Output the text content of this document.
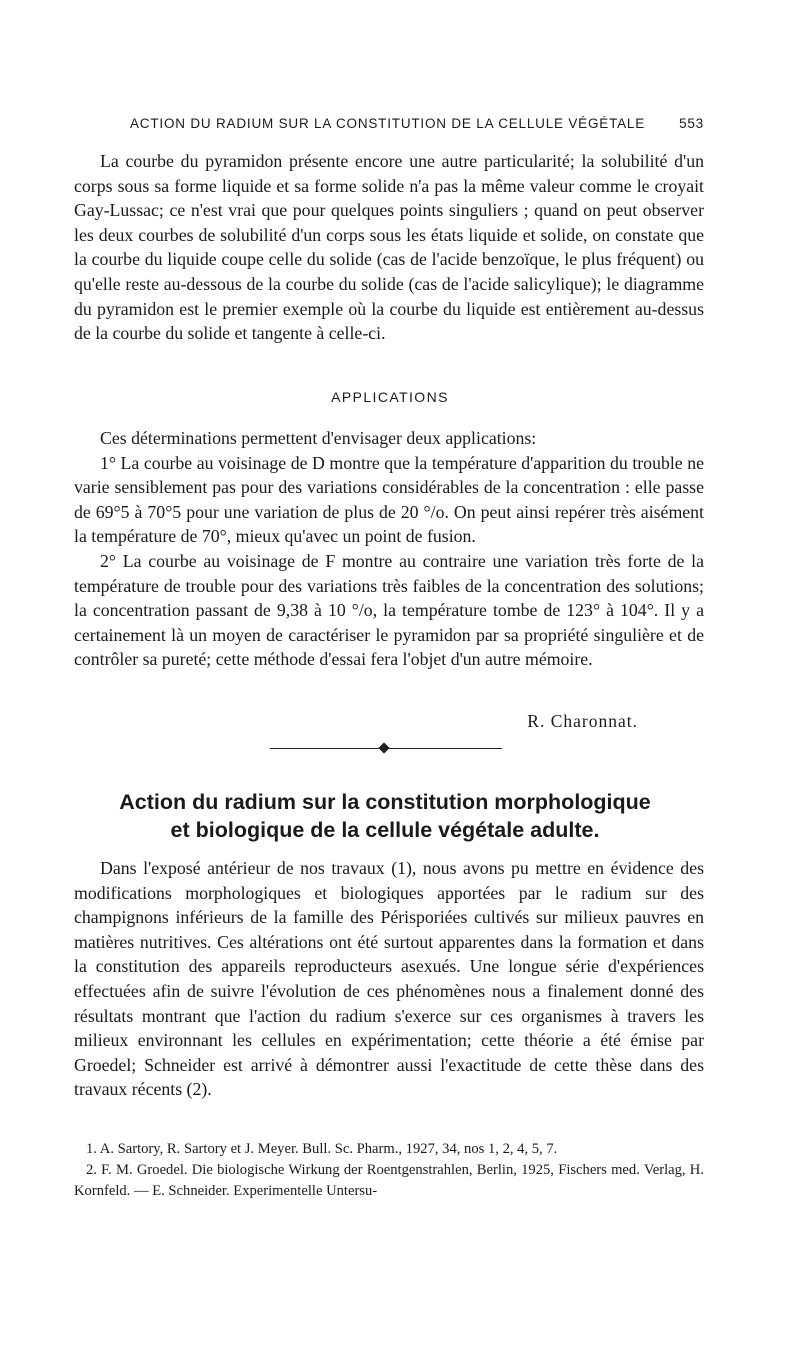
ACTION DU RADIUM SUR LA CONSTITUTION DE LA CELLULE VÉGÉTALE	553

La courbe du pyramidon présente encore une autre particularité; la solubilité d'un corps sous sa forme liquide et sa forme solide n'a pas la même valeur comme le croyait Gay-Lussac; ce n'est vrai que pour quelques points singuliers ; quand on peut observer les deux courbes de solubilité d'un corps sous les états liquide et solide, on constate que la courbe du liquide coupe celle du solide (cas de l'acide benzoïque, le plus fréquent) ou qu'elle reste au-dessous de la courbe du solide (cas de l'acide salicylique); le diagramme du pyramidon est le premier exemple où la courbe du liquide est entièrement au-dessus de la courbe du solide et tangente à celle-ci.

APPLICATIONS

Ces déterminations permettent d'envisager deux applications:

1° La courbe au voisinage de D montre que la température d'apparition du trouble ne varie sensiblement pas pour des variations considérables de la concentration : elle passe de 69°5 à 70°5 pour une variation de plus de 20 °/o. On peut ainsi repérer très aisément la température de 70°, mieux qu'avec un point de fusion.

2° La courbe au voisinage de F montre au contraire une variation très forte de la température de trouble pour des variations très faibles de la concentration des solutions; la concentration passant de 9,38 à 10 °/o, la température tombe de 123° à 104°. Il y a certainement là un moyen de caractériser le pyramidon par sa propriété singulière et de contrôler sa pureté; cette méthode d'essai fera l'objet d'un autre mémoire.

R. Charonnat.
Action du radium sur la constitution morphologique
et biologique de la cellule végétale adulte.

Dans l'exposé antérieur de nos travaux (1), nous avons pu mettre en évidence des modifications morphologiques et biologiques apportées par le radium sur des champignons inférieurs de la famille des Périsporiées cultivés sur milieux pauvres en matières nutritives. Ces altérations ont été surtout apparentes dans la formation et dans la constitution des appareils reproducteurs asexués. Une longue série d'expériences effectuées afin de suivre l'évolution de ces phénomènes nous a finalement donné des résultats montrant que l'action du radium s'exerce sur ces organismes à travers les milieux environnant les cellules en expérimentation; cette théorie a été émise par Groedel; Schneider est arrivé à démontrer aussi l'exactitude de cette thèse dans des travaux récents (2).

1. A. Sartory, R. Sartory et J. Meyer. Bull. Sc. Pharm., 1927, 34, nos 1, 2, 4, 5, 7.

2. F. M. Groedel. Die biologische Wirkung der Roentgenstrahlen, Berlin, 1925, Fischers med. Verlag, H. Kornfeld. — E. Schneider. Experimentelle Untersu-
